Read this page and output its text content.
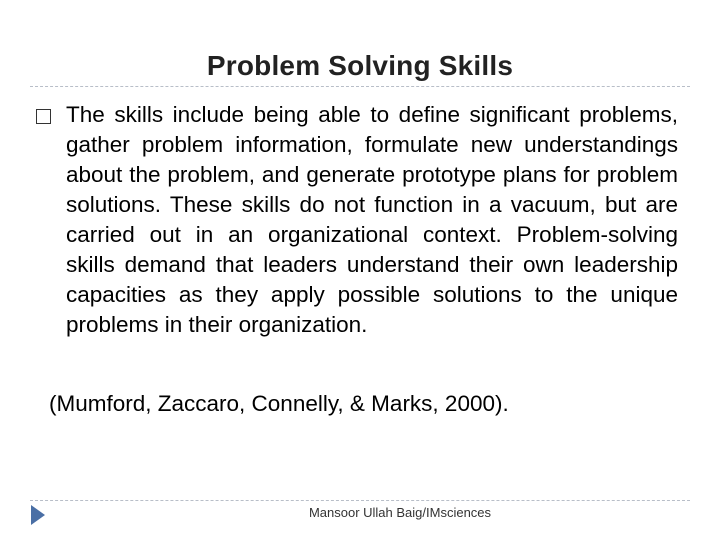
Problem Solving Skills
The skills include being able to define significant problems, gather problem information, formulate new understandings about the problem, and generate prototype plans for problem solutions. These skills do not function in a vacuum, but are carried out in an organizational context. Problem-solving skills demand that leaders understand their own leadership capacities as they apply possible solutions to the unique problems in their organization.
(Mumford, Zaccaro, Connelly, & Marks, 2000).
Mansoor Ullah Baig/IMsciences
